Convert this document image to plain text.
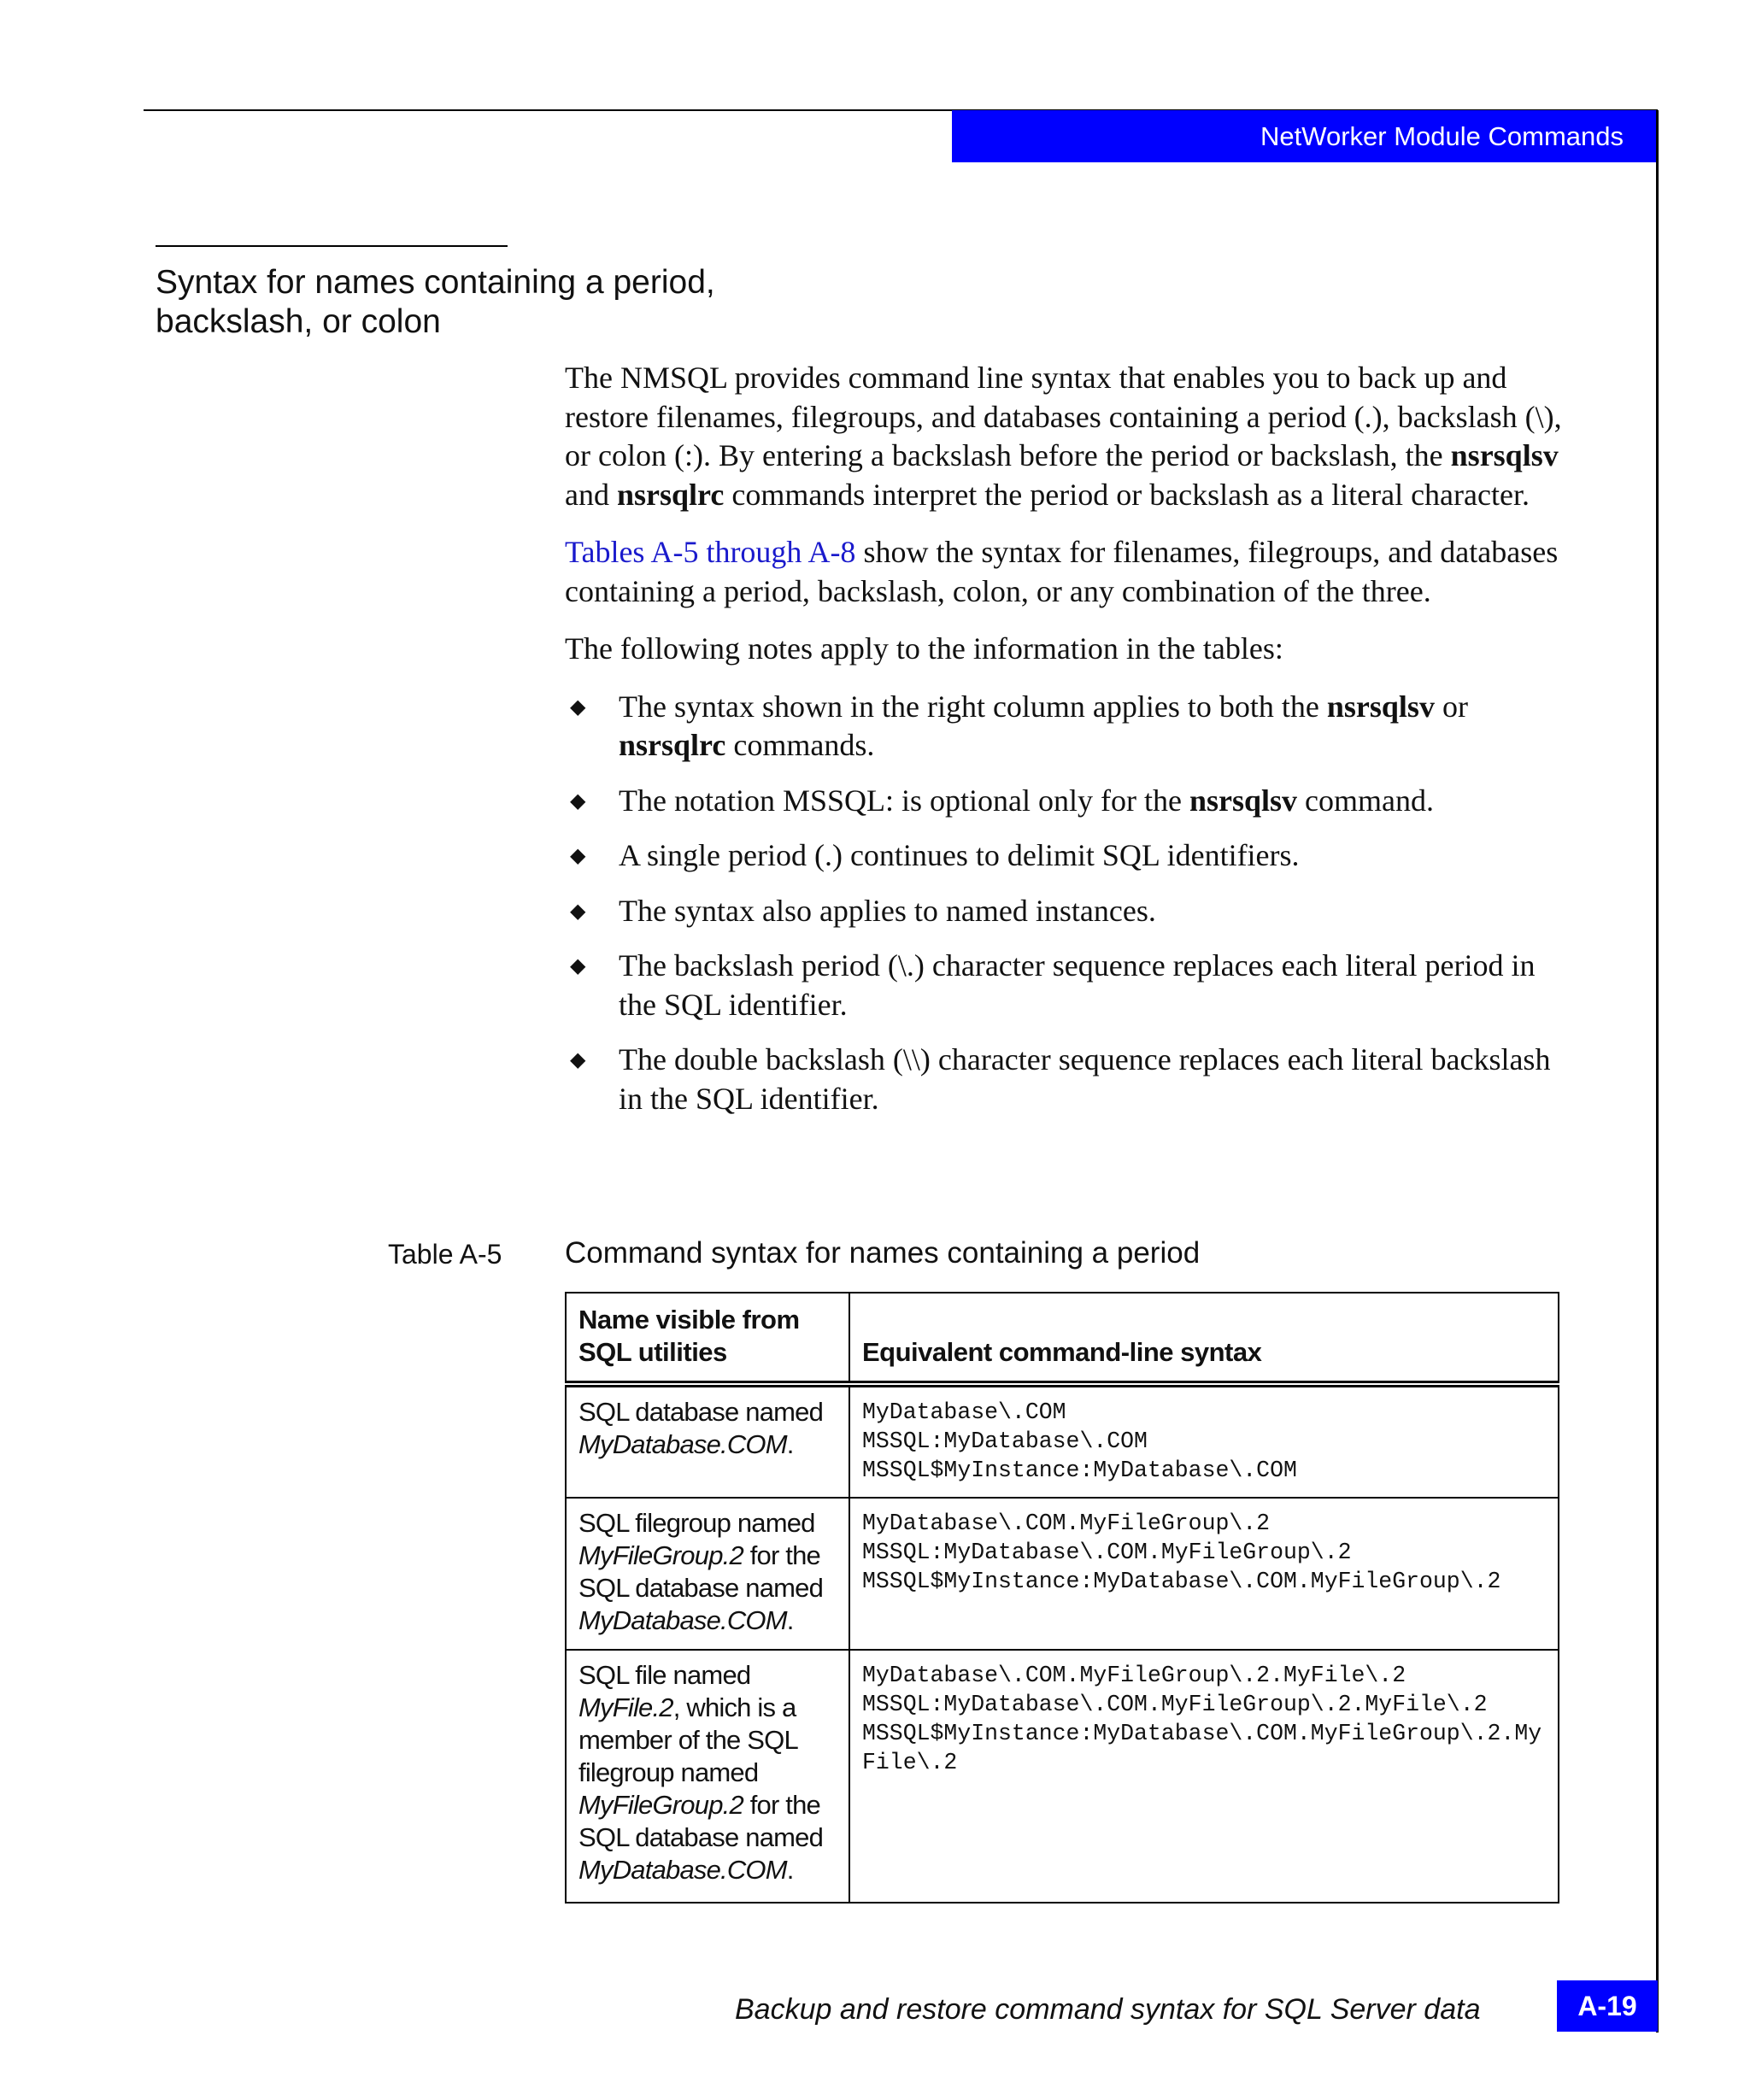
NetWorker Module Commands
Syntax for names containing a period, backslash, or colon

The NMSQL provides command line syntax that enables you to back up and restore filenames, filegroups, and databases containing a period (.), backslash (\), or colon (:). By entering a backslash before the period or backslash, the nsrsqlsv and nsrsqlrc commands interpret the period or backslash as a literal character.

Tables A-5 through A-8 show the syntax for filenames, filegroups, and databases containing a period, backslash, colon, or any combination of the three.

The following notes apply to the information in the tables:

◆ The syntax shown in the right column applies to both the nsrsqlsv or nsrsqlrc commands.
◆ The notation MSSQL: is optional only for the nsrsqlsv command.
◆ A single period (.) continues to delimit SQL identifiers.
◆ The syntax also applies to named instances.
◆ The backslash period (\.) character sequence replaces each literal period in the SQL identifier.
◆ The double backslash (\\) character sequence replaces each literal backslash in the SQL identifier.
Table A-5 Command syntax for names containing a period
Name visible from SQL utilities	Equivalent command-line syntax
SQL database named MyDatabase.COM.	MyDatabase\.COM
MSSQL:MyDatabase\.COM
MSSQL$MyInstance:MyDatabase\.COM

SQL filegroup named MyFileGroup.2 for the SQL database named MyDatabase.COM.	MyDatabase\.COM.MyFileGroup\.2
MSSQL:MyDatabase\.COM.MyFileGroup\.2
MSSQL$MyInstance:MyDatabase\.COM.MyFileGroup\.2

SQL file named MyFile.2, which is a member of the SQL filegroup named MyFileGroup.2 for the SQL database named MyDatabase.COM.	MyDatabase\.COM.MyFileGroup\.2.MyFile\.2
MSSQL:MyDatabase\.COM.MyFileGroup\.2.MyFile\.2
MSSQL$MyInstance:MyDatabase\.COM.MyFileGroup\.2.MyFile\.2
Backup and restore command syntax for SQL Server data	A-19
